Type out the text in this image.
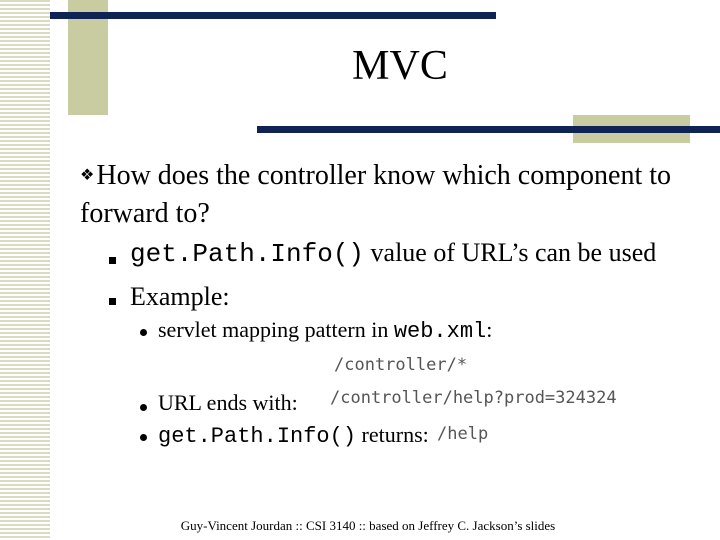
MVC
❖How does the controller know which component to forward to?
get.Path.Info() value of URL’s can be used
Example:
servlet mapping pattern in web.xml:
/controller/*
URL ends with: /controller/help?prod=324324
get.Path.Info() returns: /help
Guy-Vincent Jourdan :: CSI 3140 :: based on Jeffrey C. Jackson’s slides
